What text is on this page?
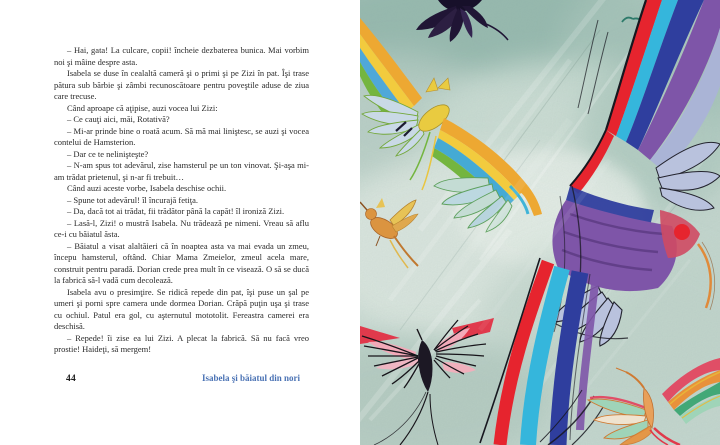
– Hai, gata! La culcare, copii! încheie dezbaterea bunica. Mai vorbim noi şi mâine despre asta.

Isabela se duse în cealaltă cameră şi o primi şi pe Zizi în pat. Îşi trase pătura sub bărbie şi zâmbi recunoscătoare pentru poveştile aduse de ziua care trecuse.

Când aproape că aţipise, auzi vocea lui Zizi:

– Ce cauţi aici, măi, Rotativă?

– Mi-ar prinde bine o roată acum. Să mă mai liniştesc, se auzi şi vocea contelui de Hamsterion.

– Dar ce te nelinişteşte?

– N-am spus tot adevărul, zise hamsterul pe un ton vinovat. Şi-aşa mi-am trădat prietenul, şi n-ar fi trebuit…

Când auzi aceste vorbe, Isabela deschise ochii.

– Spune tot adevărul! îl încurajă fetiţa.

– Da, dacă tot ai trădat, fii trădător până la capăt! îl ironiză Zizi.

– Lasă-l, Zizi! o mustră Isabela. Nu trădează pe nimeni. Vreau să aflu ce-i cu băiatul ăsta.

– Băiatul a visat alaltăieri că în noaptea asta va mai evada un zmeu, începu hamsterul, oftând. Chiar Mama Zmeielor, zmeul acela mare, construit pentru paradă. Dorian crede prea mult în ce visează. O să se ducă la fabrică să-l vadă cum decolează.

Isabela avu o presimţire. Se ridică repede din pat, îşi puse un şal pe umeri şi porni spre camera unde dormea Dorian. Crăpă puţin uşa şi trase cu ochiul. Patul era gol, cu aşternutul mototolit. Fereastra camerei era deschisă.

– Repede! îi zise ea lui Zizi. A plecat la fabrică. Să nu facă vreo prostie! Haideţi, să mergem!

44	Isabela şi băiatul din nori
